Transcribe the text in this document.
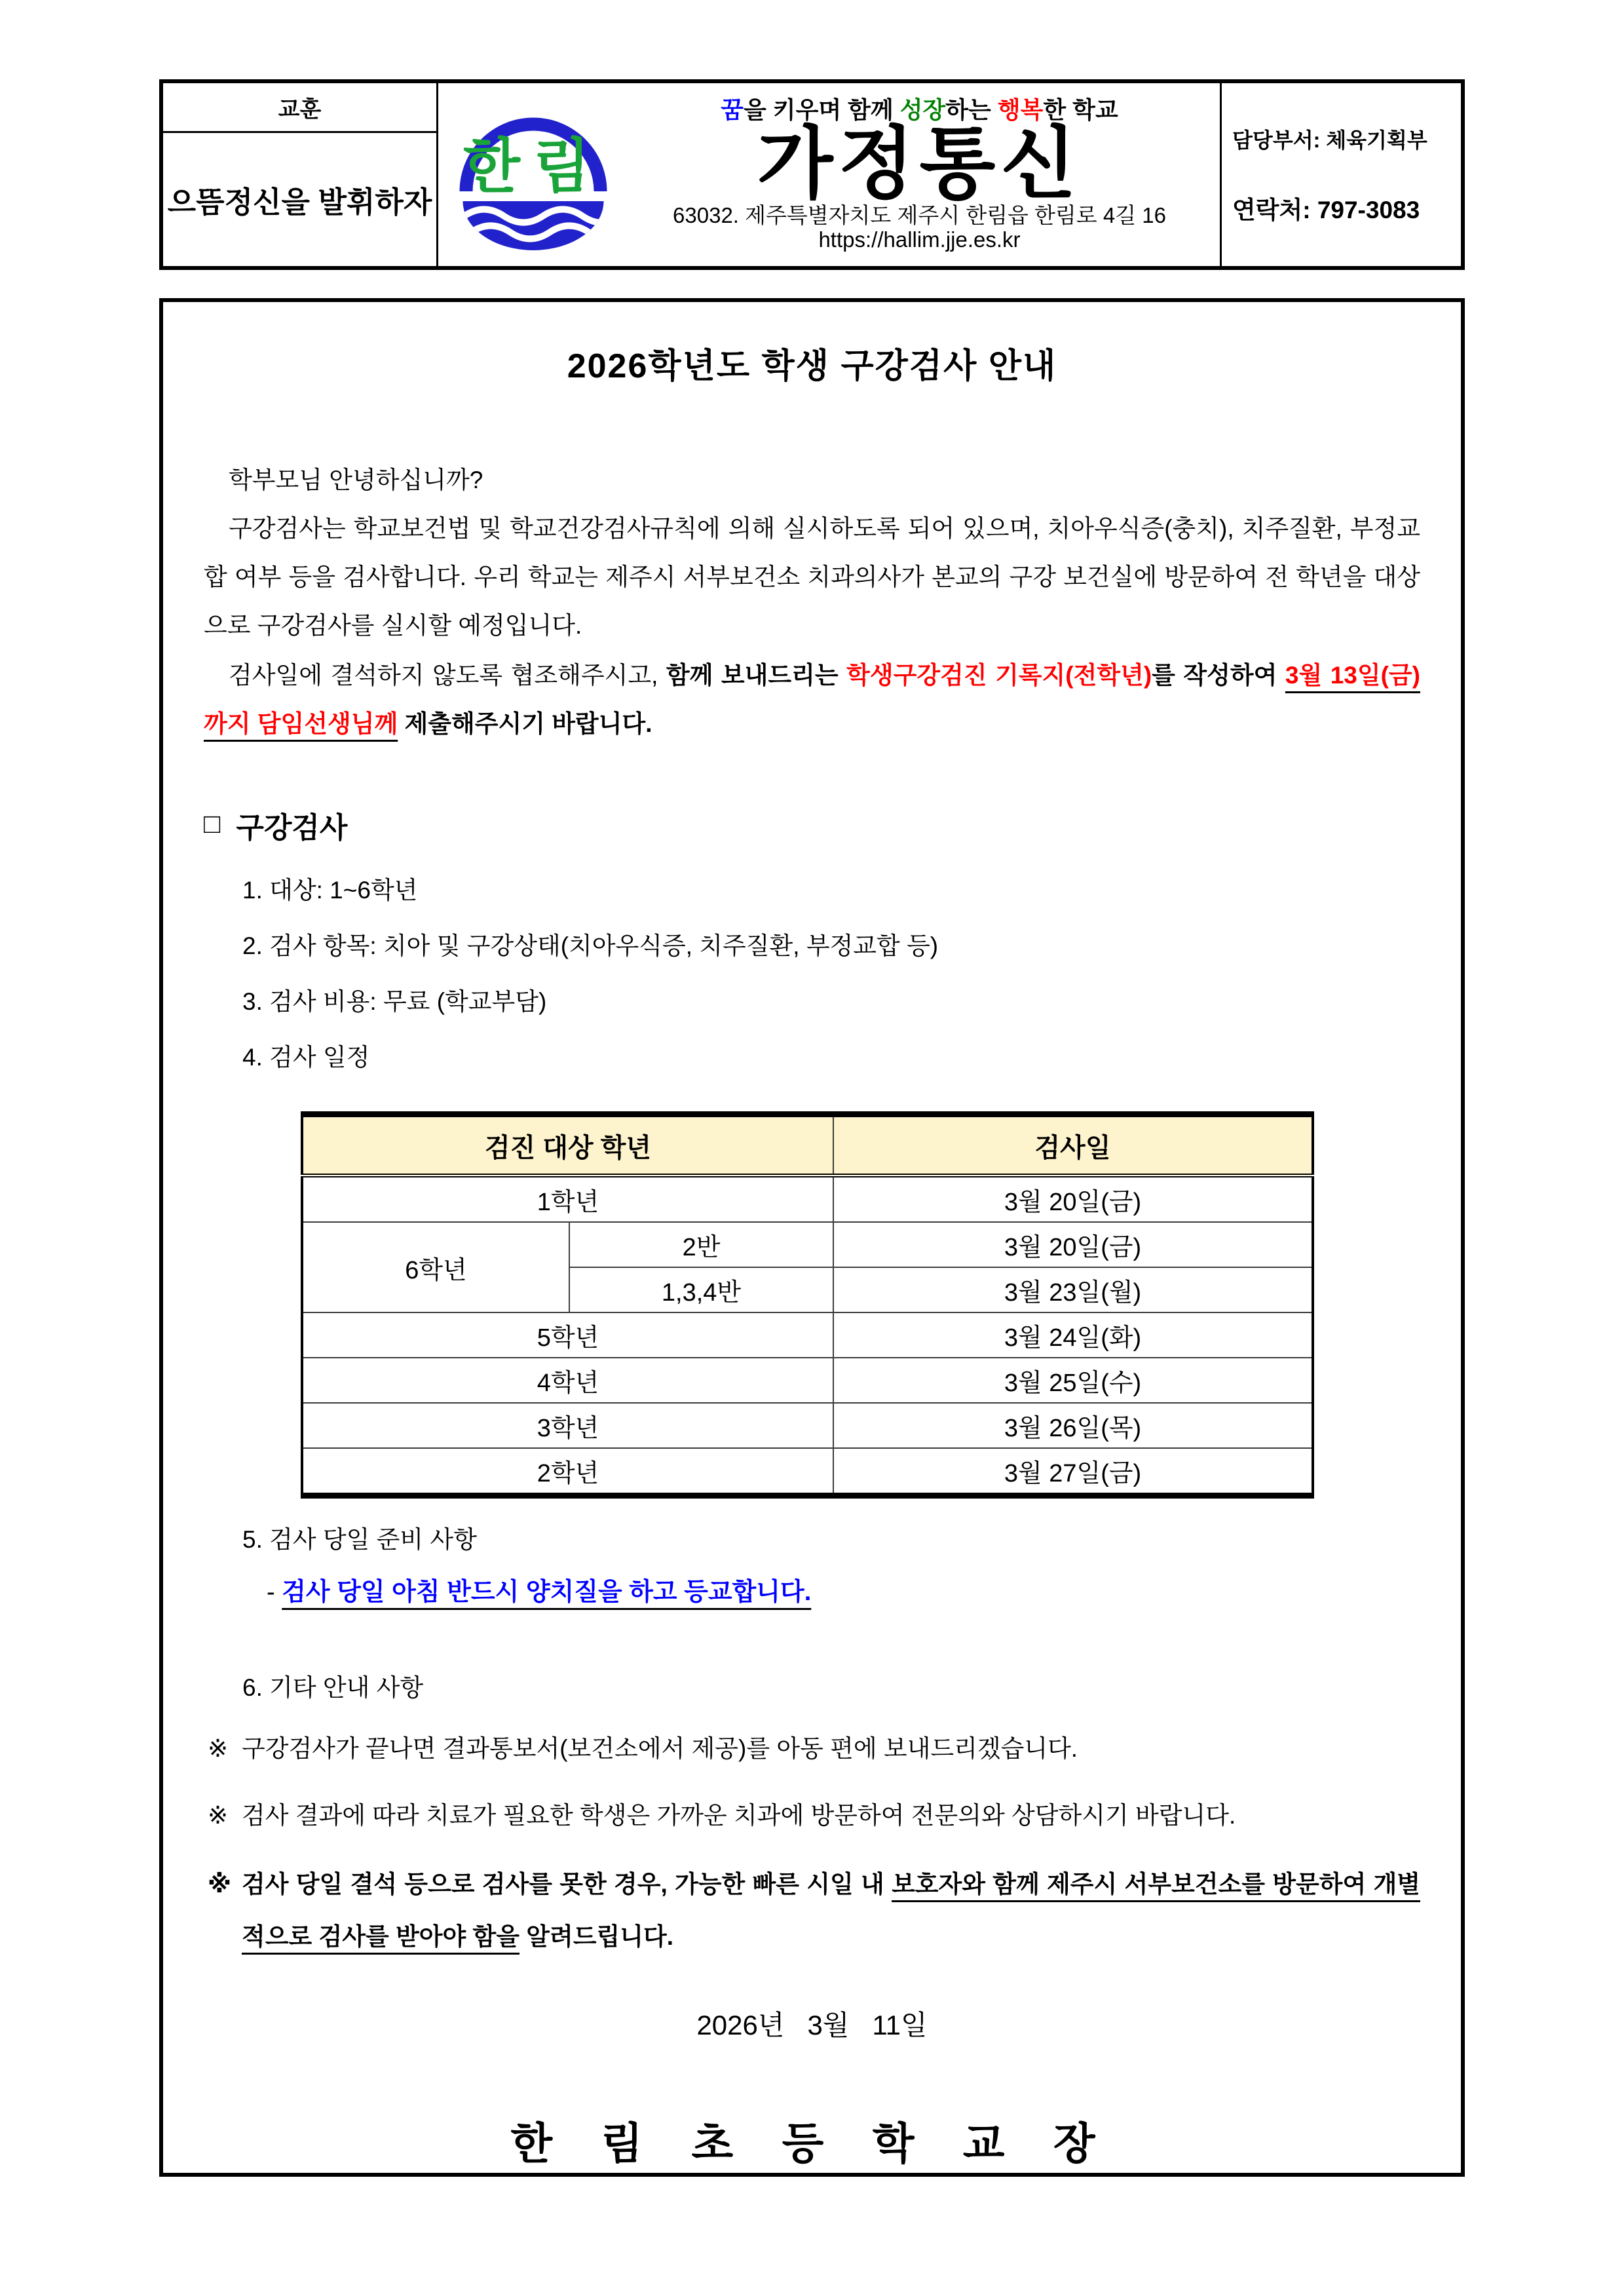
교훈
으뜸정신을 발휘하자
한림
꿈을 키우며 함께 성장하는 행복한 학교
가정통신
63032. 제주특별자치도 제주시 한림읍 한림로 4길 16
https://hallim.jje.es.kr
담당부서: 체육기획부
연락처: 797-3083
2026학년도 학생 구강검사 안내

학부모님 안녕하십니까?

구강검사는 학교보건법 및 학교건강검사규칙에 의해 실시하도록 되어 있으며, 치아우식증(충치), 치주질환, 부정교합 여부 등을 검사합니다. 우리 학교는 제주시 서부보건소 치과의사가 본교의 구강 보건실에 방문하여 전 학년을 대상으로 구강검사를 실시할 예정입니다.

검사일에 결석하지 않도록 협조해주시고, 함께 보내드리는 학생구강검진 기록지(전학년)를 작성하여 3월 13일(금)까지 담임선생님께 제출해주시기 바랍니다.

□ 구강검사
1. 대상: 1~6학년
2. 검사 항목: 치아 및 구강상태(치아우식증, 치주질환, 부정교합 등)
3. 검사 비용: 무료 (학교부담)
4. 검사 일정
검진 대상 학년		검사일
1학년		3월 20일(금)
6학년	2반	3월 20일(금)
	1,3,4반	3월 23일(월)
5학년		3월 24일(화)
4학년		3월 25일(수)
3학년		3월 26일(목)
2학년		3월 27일(금)
5. 검사 당일 준비 사항
- 검사 당일 아침 반드시 양치질을 하고 등교합니다.
6. 기타 안내 사항

※ 구강검사가 끝나면 결과통보서(보건소에서 제공)를 아동 편에 보내드리겠습니다.

※ 검사 결과에 따라 치료가 필요한 학생은 가까운 치과에 방문하여 전문의와 상담하시기 바랍니다.

※ 검사 당일 결석 등으로 검사를 못한 경우, 가능한 빠른 시일 내 보호자와 함께 제주시 서부보건소를 방문하여 개별적으로 검사를 받아야 함을 알려드립니다.

2026년   3월   11일
한 림 초 등 학 교 장
